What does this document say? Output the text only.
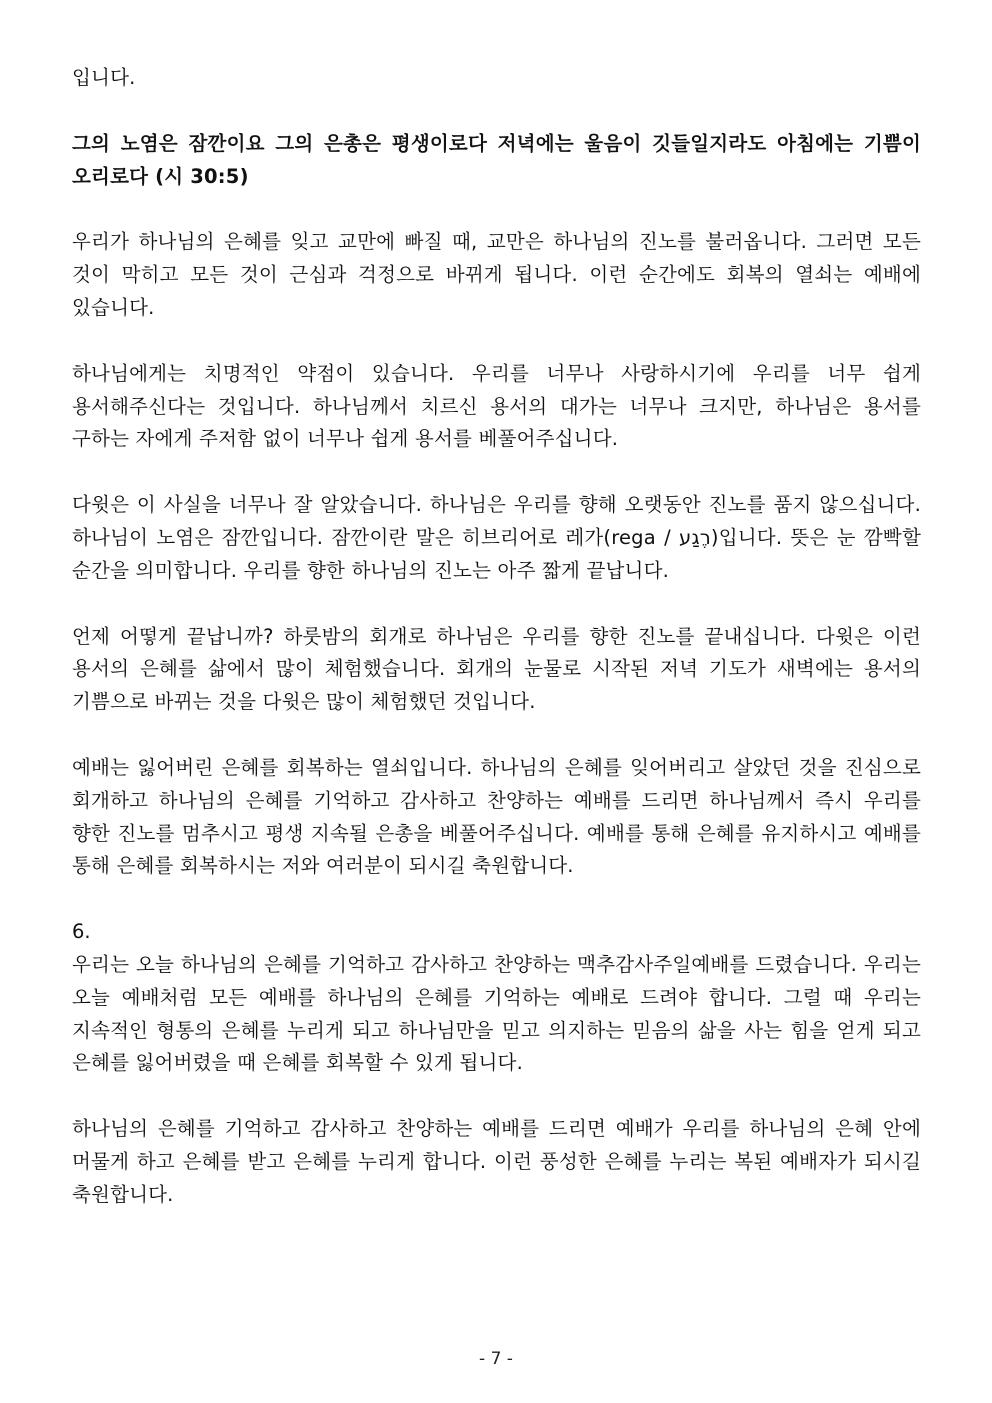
입니다.

그의 노염은 잠깐이요 그의 은총은 평생이로다 저녁에는 울음이 깃들일지라도 아침에는 기쁨이 오리로다 (시 30:5)

우리가 하나님의 은혜를 잊고 교만에 빠질 때, 교만은 하나님의 진노를 불러옵니다. 그러면 모든 것이 막히고 모든 것이 근심과 걱정으로 바뀌게 됩니다. 이런 순간에도 회복의 열쇠는 예배에 있습니다.

하나님에게는 치명적인 약점이 있습니다. 우리를 너무나 사랑하시기에 우리를 너무 쉽게 용서해주신다는 것입니다. 하나님께서 치르신 용서의 대가는 너무나 크지만, 하나님은 용서를 구하는 자에게 주저함 없이 너무나 쉽게 용서를 베풀어주십니다.

다윗은 이 사실을 너무나 잘 알았습니다. 하나님은 우리를 향해 오랫동안 진노를 품지 않으십니다. 하나님이 노염은 잠깐입니다. 잠깐이란 말은 히브리어로 레가(rega / רֶגַע)입니다. 뜻은 눈 깜빡할 순간을 의미합니다. 우리를 향한 하나님의 진노는 아주 짧게 끝납니다.

언제 어떻게 끝납니까? 하룻밤의 회개로 하나님은 우리를 향한 진노를 끝내십니다. 다윗은 이런 용서의 은혜를 삶에서 많이 체험했습니다. 회개의 눈물로 시작된 저녁 기도가 새벽에는 용서의 기쁨으로 바뀌는 것을 다윗은 많이 체험했던 것입니다.

예배는 잃어버린 은혜를 회복하는 열쇠입니다. 하나님의 은혜를 잊어버리고 살았던 것을 진심으로 회개하고 하나님의 은혜를 기억하고 감사하고 찬양하는 예배를 드리면 하나님께서 즉시 우리를 향한 진노를 멈추시고 평생 지속될 은총을 베풀어주십니다. 예배를 통해 은혜를 유지하시고 예배를 통해 은혜를 회복하시는 저와 여러분이 되시길 축원합니다.

6.

우리는 오늘 하나님의 은혜를 기억하고 감사하고 찬양하는 맥추감사주일예배를 드렸습니다. 우리는 오늘 예배처럼 모든 예배를 하나님의 은혜를 기억하는 예배로 드려야 합니다. 그럴 때 우리는 지속적인 형통의 은혜를 누리게 되고 하나님만을 믿고 의지하는 믿음의 삶을 사는 힘을 얻게 되고 은혜를 잃어버렸을 때 은혜를 회복할 수 있게 됩니다.

하나님의 은혜를 기억하고 감사하고 찬양하는 예배를 드리면 예배가 우리를 하나님의 은혜 안에 머물게 하고 은혜를 받고 은혜를 누리게 합니다. 이런 풍성한 은혜를 누리는 복된 예배자가 되시길 축원합니다.

- 7 -
